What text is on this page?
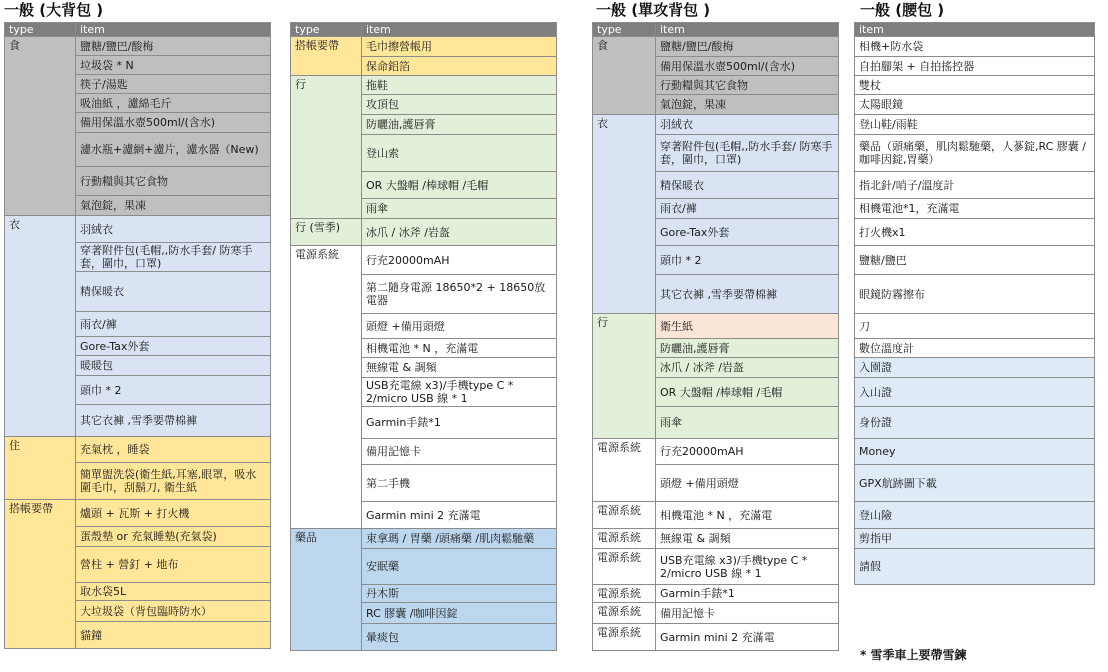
一般 (大背包 )	一般 (單攻背包 )	一般 (腰包 )
type	item
食	鹽糖/鹽巴/酸梅
	垃圾袋 * N
	筷子/湯匙
	吸油紙 ，濾綿毛斤
	備用保溫水壺500ml/(含水)
	濾水瓶+濾網+濾片，濾水器（New)
	行動糧與其它食物
	氣泡錠，果凍
衣	羽絨衣
	穿著附件包(毛帽,,防水手套/ 防寒手套，圍巾，口罩)
	精保暖衣
	雨衣/褲
	Gore-Tax外套
	暖暖包
	頭巾 * 2
	其它衣褲 ,雪季要帶棉褲
住	充氣枕 ，睡袋
	簡單盥洗袋(衛生紙,耳塞,眼罩，吸水圍毛巾，刮鬍刀, 衛生紙
搭帳要帶	爐頭 + 瓦斯 + 打火機
	蛋殼墊 or 充氣睡墊(充氣袋)
	營柱 + 營釘 + 地布
	取水袋5L
	大垃圾袋（背包臨時防水）
	貓鐘
type	item
搭帳要帶	毛巾擦營帳用
	保命鋁箔
行	拖鞋
	攻頂包
	防曬油,護唇膏
	登山索
	OR 大盤帽 /棒球帽 /毛帽
	雨傘
行 (雪季)	冰爪 / 冰斧 /岩盔
電源系統	行充20000mAH
	第二隨身電源 18650*2 + 18650放電器
	頭燈 +備用頭燈
	相機電池 * N ，充滿電
	無線電 & 調頻
	USB充電線 x3)/手機type C * 2/micro USB 線 * 1
	Garmin手錶*1
	備用記憶卡
	第二手機
	Garmin mini 2 充滿電
藥品	束拿瑪 / 胃藥 /頭痛藥 /肌肉鬆馳藥
	安眠藥
	丹木斯
	RC 膠囊 /咖啡因錠
	暈痰包
type	item
食	鹽糖/鹽巴/酸梅
	備用保溫水壺500ml/(含水)
	行動糧與其它食物
	氣泡錠，果凍
衣	羽絨衣
	穿著附件包(毛帽,,防水手套/ 防寒手套，圍巾，口罩)
	精保暖衣
	雨衣/褲
	Gore-Tax外套
	頭巾 * 2
	其它衣褲 ,雪季要帶棉褲
行	衛生紙
	防曬油,護唇膏
	冰爪 / 冰斧 /岩盔
	OR 大盤帽 /棒球帽 /毛帽
	雨傘
電源系統	行充20000mAH
	頭燈 +備用頭燈
電源系統	相機電池 * N ，充滿電
電源系統	無線電 & 調頻
電源系統	USB充電線 x3)/手機type C * 2/micro USB 線 * 1
電源系統	Garmin手錶*1
電源系統	備用記憶卡
電源系統	Garmin mini 2 充滿電
item
相機+防水袋
自拍腳架 + 自拍搖控器
雙杖
太陽眼鏡
登山鞋/雨鞋
藥品（頭痛藥，肌肉鬆馳藥，人蔘錠,RC 膠囊 /咖啡因錠,胃藥）
指北針/哨子/溫度計
相機電池*1，充滿電
打火機x1
鹽糖/鹽巴
眼鏡防霧擦布
刀
數位溫度計
入園證
入山證
身份證
Money
GPX航跡圖下載
登山險
剪指甲
請假
* 雪季車上要帶雪鍊
